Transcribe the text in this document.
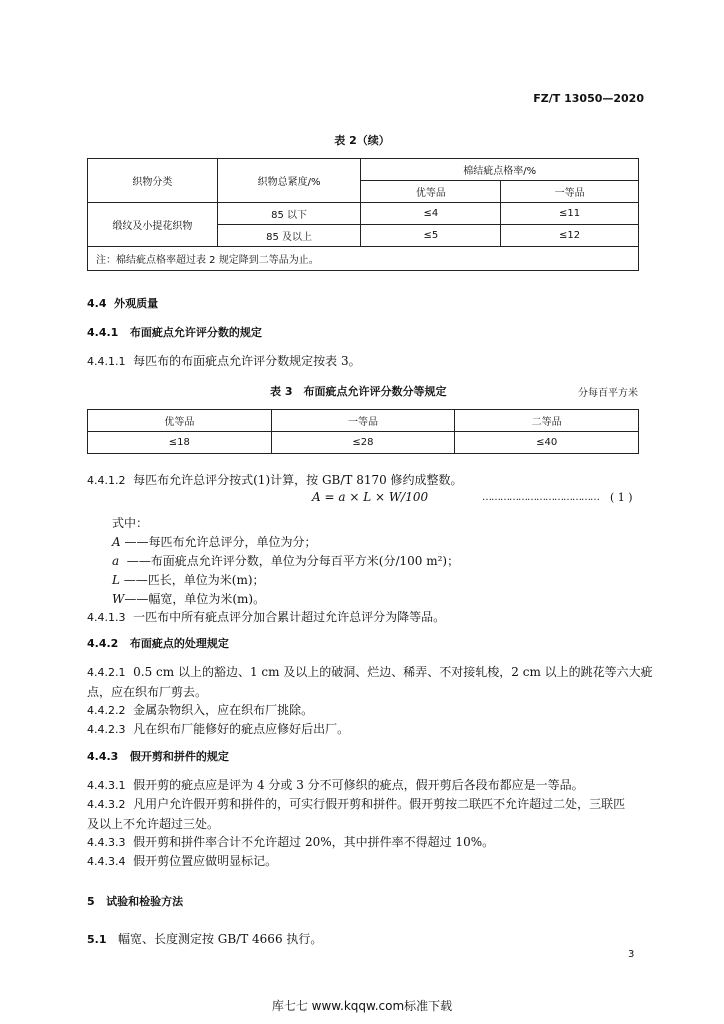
FZ/T 13050—2020
表 2（续）
织物分类	织物总紧度/%	棉结疵点格率/%	
		优等品	一等品
缎纹及小提花织物	85 以下	≤4	≤11
	85 及以上	≤5	≤12
注：棉结疵点格率超过表 2 规定降到二等品为止。			
4.4 外观质量
4.4.1 布面疵点允许评分数的规定
4.4.1.1 每匹布的布面疵点允许评分数规定按表 3。
表 3　布面疵点允许评分数分等规定	分每百平方米
优等品	一等品	二等品
≤18	≤28	≤40
4.4.1.2 每匹布允许总评分按式(1)计算，按 GB/T 8170 修约成整数。
A = a × L × W/100	………………………………… ( 1 )
式中：
A ——每匹布允许总评分，单位为分；
a ——布面疵点允许评分数，单位为分每百平方米(分/100 m²)；
L ——匹长，单位为米(m)；
W——幅宽，单位为米(m)。
4.4.1.3 一匹布中所有疵点评分加合累计超过允许总评分为降等品。
4.4.2 布面疵点的处理规定
4.4.2.1 0.5 cm 以上的豁边、1 cm 及以上的破洞、烂边、稀弄、不对接轧梭，2 cm 以上的跳花等六大疵
点，应在织布厂剪去。
4.4.2.2 金属杂物织入，应在织布厂挑除。
4.4.2.3 凡在织布厂能修好的疵点应修好后出厂。
4.4.3 假开剪和拼件的规定
4.4.3.1 假开剪的疵点应是评为 4 分或 3 分不可修织的疵点，假开剪后各段布都应是一等品。
4.4.3.2 凡用户允许假开剪和拼件的，可实行假开剪和拼件。假开剪按二联匹不允许超过二处，三联匹
及以上不允许超过三处。
4.4.3.3 假开剪和拼件率合计不允许超过 20%，其中拼件率不得超过 10%。
4.4.3.4 假开剪位置应做明显标记。
5 试验和检验方法
5.1 幅宽、长度测定按 GB/T 4666 执行。
3
库七七 www.kqqw.com标准下载
